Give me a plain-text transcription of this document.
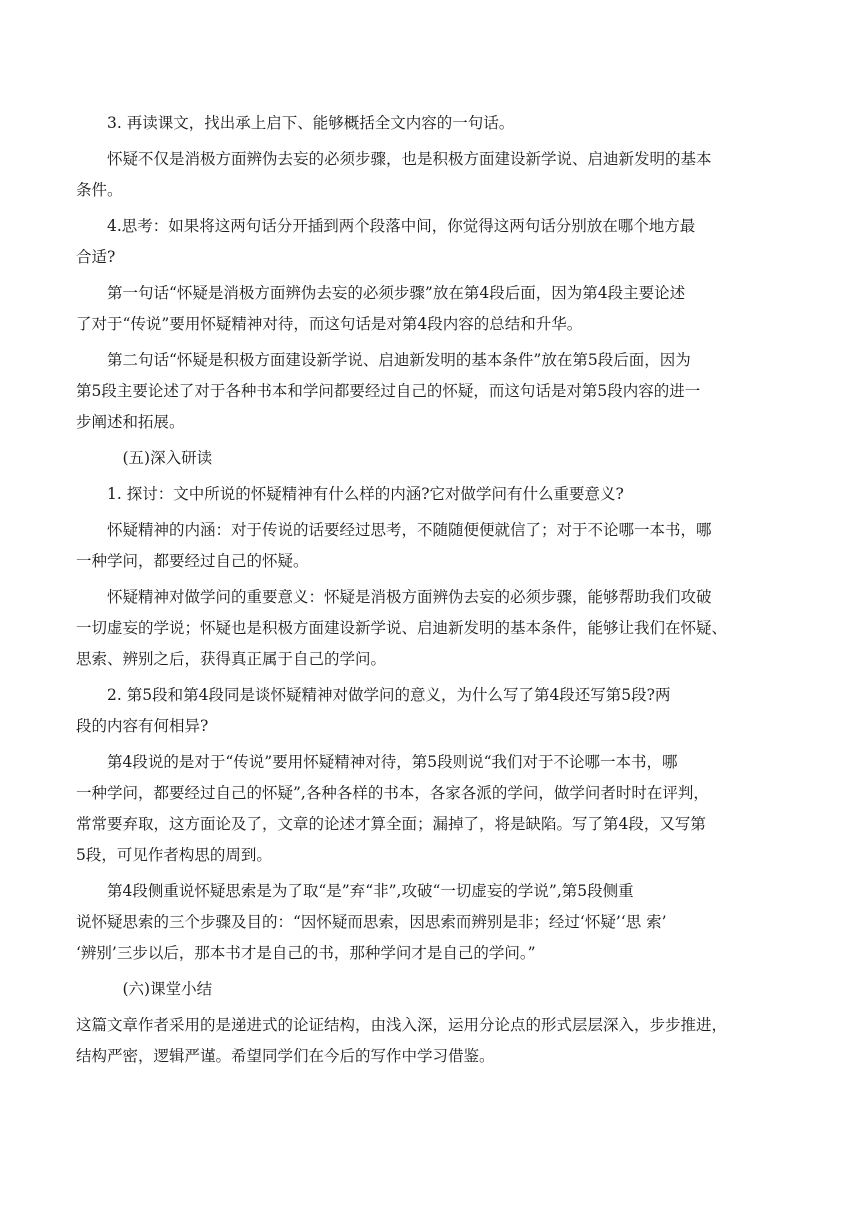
3. 再读课文，找出承上启下、能够概括全文内容的一句话。
怀疑不仅是消极方面辨伪去妄的必须步骤，也是积极方面建设新学说、启迪新发明的基本
条件。
4.思考：如果将这两句话分开插到两个段落中间，你觉得这两句话分别放在哪个地方最
合适?
第一句话“怀疑是消极方面辨伪去妄的必须步骤”放在第4段后面，因为第4段主要论述
了对于“传说”要用怀疑精神对待，而这句话是对第4段内容的总结和升华。
第二句话“怀疑是积极方面建设新学说、启迪新发明的基本条件”放在第5段后面，因为
第5段主要论述了对于各种书本和学问都要经过自己的怀疑，而这句话是对第5段内容的进一
步阐述和拓展。
(五)深入研读
1. 探讨：文中所说的怀疑精神有什么样的内涵?它对做学问有什么重要意义?
怀疑精神的内涵：对于传说的话要经过思考，不随随便便就信了；对于不论哪一本书，哪
一种学问，都要经过自己的怀疑。
怀疑精神对做学问的重要意义：怀疑是消极方面辨伪去妄的必须步骤，能够帮助我们攻破
一切虚妄的学说；怀疑也是积极方面建设新学说、启迪新发明的基本条件，能够让我们在怀疑、
思索、辨别之后，获得真正属于自己的学问。
2. 第5段和第4段同是谈怀疑精神对做学问的意义，为什么写了第4段还写第5段?两
段的内容有何相异?
第4段说的是对于“传说”要用怀疑精神对待，第5段则说“我们对于不论哪一本书，哪
一种学问，都要经过自己的怀疑”,各种各样的书本，各家各派的学问，做学问者时时在评判，
常常要弃取，这方面论及了，文章的论述才算全面；漏掉了，将是缺陷。写了第4段，又写第
5段，可见作者构思的周到。
第4段侧重说怀疑思索是为了取“是”弃“非”,攻破“一切虚妄的学说”,第5段侧重
说怀疑思索的三个步骤及目的：“因怀疑而思索，因思索而辨别是非；经过‘怀疑’‘思 索’
‘辨别’三步以后，那本书才是自己的书，那种学问才是自己的学问。”
(六)课堂小结
这篇文章作者采用的是递进式的论证结构，由浅入深，运用分论点的形式层层深入，步步推进，
结构严密，逻辑严谨。希望同学们在今后的写作中学习借鉴。
